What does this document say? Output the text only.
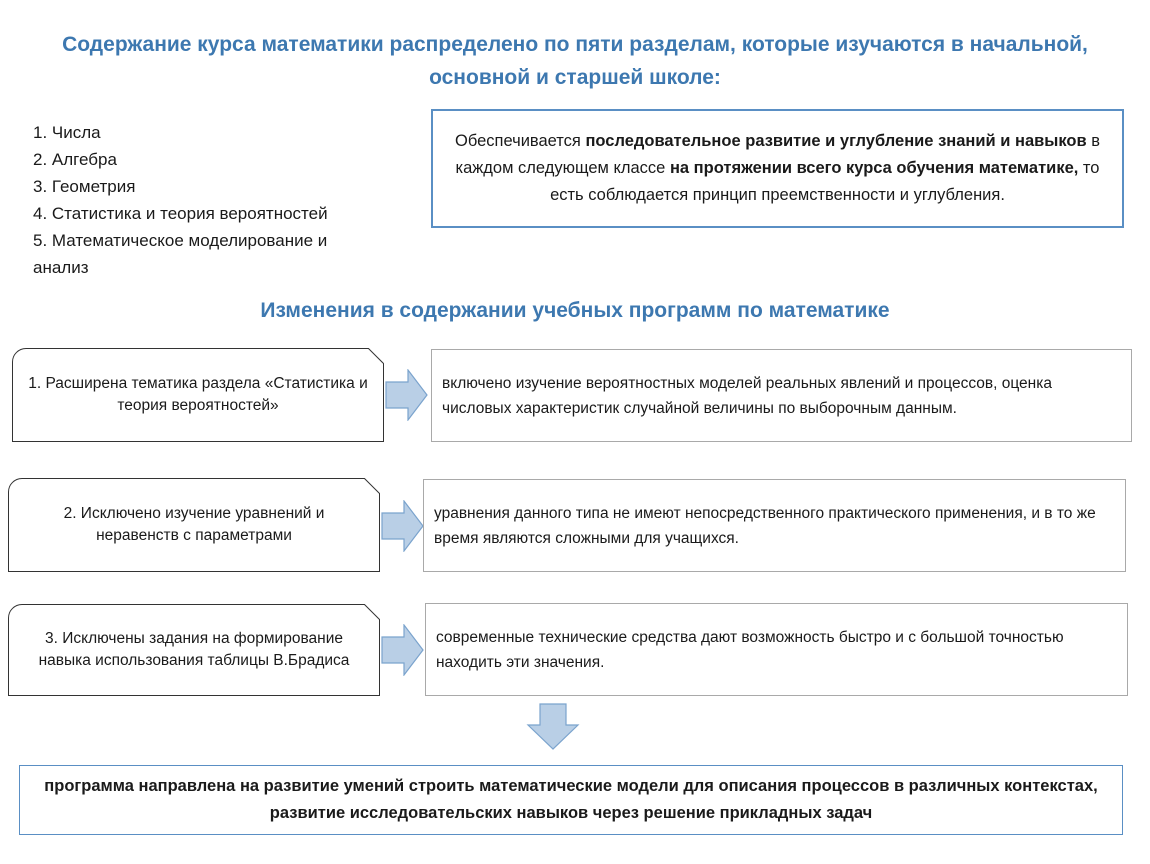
Содержание курса математики распределено по пяти разделам, которые изучаются в начальной, основной и старшей школе:
1. Числа
2. Алгебра
3. Геометрия
4. Статистика и теория вероятностей
5. Математическое моделирование и анализ
Обеспечивается последовательное развитие и углубление знаний и навыков в каждом следующем классе на протяжении всего курса обучения математике, то есть соблюдается принцип преемственности и углубления.
Изменения в содержании учебных программ по математике
1. Расширена тематика раздела «Статистика и теория вероятностей»
включено изучение вероятностных моделей реальных явлений и процессов, оценка числовых характеристик случайной величины по выборочным данным.
2. Исключено изучение уравнений и неравенств с параметрами
уравнения данного типа не имеют непосредственного практического применения, и в то же время являются сложными для учащихся.
3. Исключены задания на формирование навыка использования таблицы В.Брадиса
современные технические средства дают возможность быстро и с большой точностью находить эти значения.
программа направлена на развитие умений строить математические модели для описания процессов в различных контекстах, развитие исследовательских навыков через решение прикладных задач
